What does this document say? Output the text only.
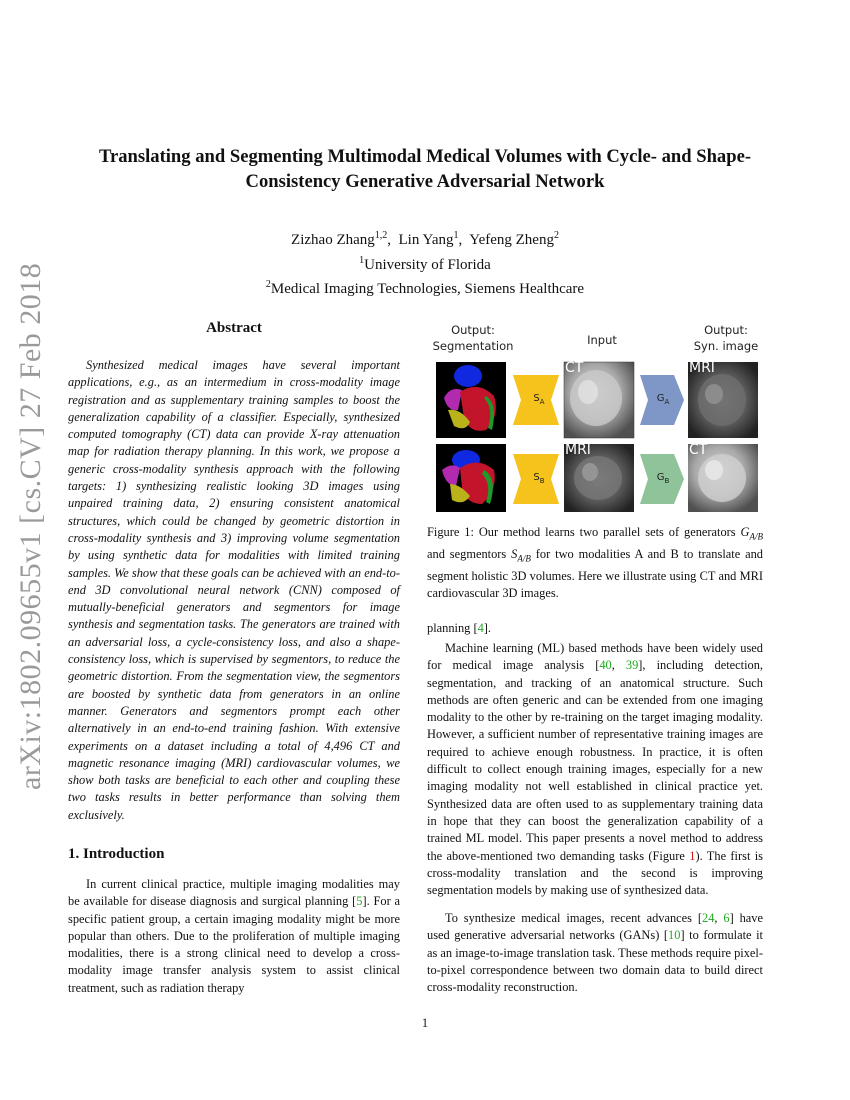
arXiv:1802.09655v1 [cs.CV] 27 Feb 2018
Translating and Segmenting Multimodal Medical Volumes with Cycle- and Shape-Consistency Generative Adversarial Network
Zizhao Zhang$^{1,2}$,  Lin Yang$^1$,  Yefeng Zheng$^2$
$^1$University of Florida
$^2$Medical Imaging Technologies, Siemens Healthcare
Abstract

Synthesized medical images have several important applications, e.g., as an intermedium in cross-modality image registration and as supplementary training samples to boost the generalization capability of a classifier. Especially, synthesized computed tomography (CT) data can provide X-ray attenuation map for radiation therapy planning. In this work, we propose a generic cross-modality synthesis approach with the following targets: 1) synthesizing realistic looking 3D images using unpaired training data, 2) ensuring consistent anatomical structures, which could be changed by geometric distortion in cross-modality synthesis and 3) improving volume segmentation by using synthetic data for modalities with limited training samples. We show that these goals can be achieved with an end-to-end 3D convolutional neural network (CNN) composed of mutually-beneficial generators and segmentors for image synthesis and segmentation tasks. The generators are trained with an adversarial loss, a cycle-consistency loss, and also a shape-consistency loss, which is supervised by segmentors, to reduce the geometric distortion. From the segmentation view, the segmentors are boosted by synthetic data from generators in an online manner. Generators and segmentors prompt each other alternatively in an end-to-end training fashion. With extensive experiments on a dataset including a total of 4,496 CT and magnetic resonance imaging (MRI) cardiovascular volumes, we show both tasks are beneficial to each other and coupling these two tasks results in better performance than solving them exclusively.

1. Introduction

In current clinical practice, multiple imaging modalities may be available for disease diagnosis and surgical planning [5]. For a specific patient group, a certain imaging modality might be more popular than others. Due to the proliferation of multiple imaging modalities, there is a strong clinical need to develop a cross-modality image transfer analysis system to assist clinical treatment, such as radiation therapy

Output:
Segmentation	Input
Output:
Syn. image
$S_A$
$S_B$
$G_A$
$G_B$
CT	MRI
MRI	CT

Figure 1: Our method learns two parallel sets of generators $G_{A/B}$ and segmentors $S_{A/B}$ for two modalities A and B to translate and segment holistic 3D volumes. Here we illustrate using CT and MRI cardiovascular 3D images.

planning [4].

Machine learning (ML) based methods have been widely used for medical image analysis [40, 39], including detection, segmentation, and tracking of an anatomical structure. Such methods are often generic and can be extended from one imaging modality to the other by re-training on the target imaging modality. However, a sufficient number of representative training images are required to achieve enough robustness. In practice, it is often difficult to collect enough training images, especially for a new imaging modality not well established in clinical practice yet. Synthesized data are often used to as supplementary training data in hope that they can boost the generalization capability of a trained ML model. This paper presents a novel method to address the above-mentioned two demanding tasks (Figure 1). The first is cross-modality translation and the second is improving segmentation models by making use of synthesized data.

To synthesize medical images, recent advances [24, 6] have used generative adversarial networks (GANs) [10] to formulate it as an image-to-image translation task. These methods require pixel-to-pixel correspondence between two domain data to build direct cross-modality reconstruction.

1
